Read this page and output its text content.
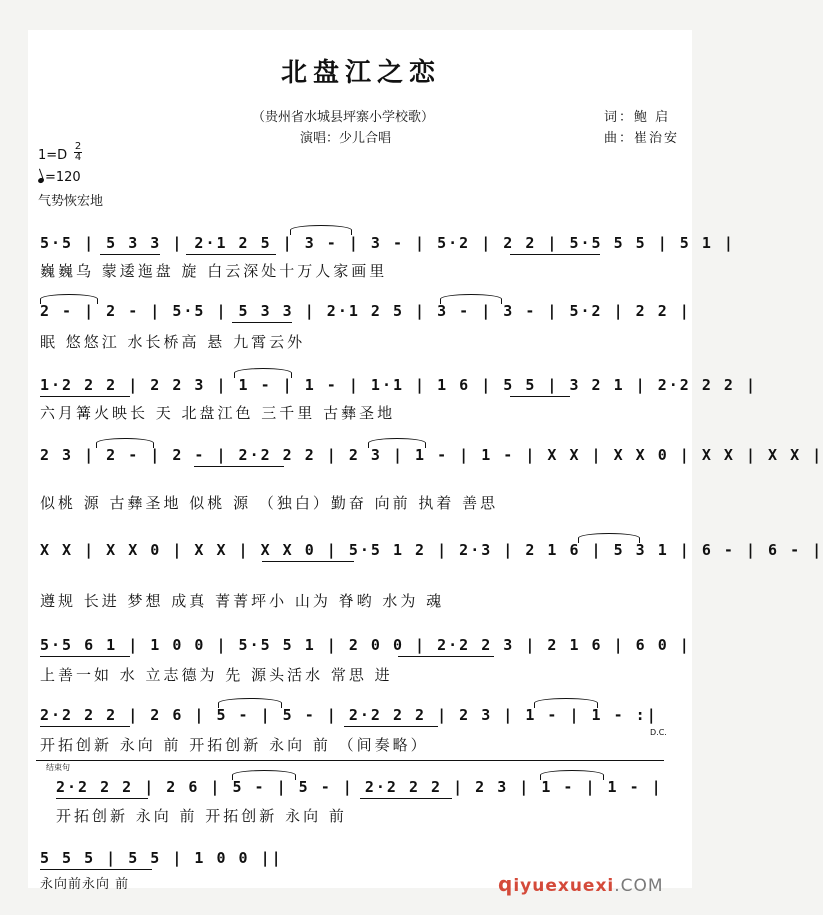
北盘江之恋
（贵州省水城县坪寨小学校歌）	词：鲍 启
演唱：少儿合唱	曲：崔治安
1=D
2
4
=120
气势恢宏地
5·5 | 5 3 3 | 2·1 2 5 | 3 - | 3 - | 5·2 | 2 2 | 5·5 5 5 | 5 1 |
巍巍乌 蒙逶迤盘 旋 白云深处十万人家画里
2 - | 2 - | 5·5 | 5 3 3 | 2·1 2 5 | 3 - | 3 - | 5·2 | 2 2 |
眠 悠悠江 水长桥高 悬 九霄云外
1·2 2 2 | 2 2 3 | 1 - | 1 - | 1·1 | 1 6 | 5 5 | 3 2 1 | 2·2 2 2 |
六月篝火映长 天 北盘江色 三千里 古彝圣地
2 3 | 2 - | 2 - | 2·2 2 2 | 2 3 | 1 - | 1 - | X X | X X 0 | X X | X X |
似桃 源 古彝圣地 似桃 源 （独白）勤奋 向前 执着 善思
X X | X X 0 | X X | X X 0 | 5·5 1 2 | 2·3 | 2 1 6 | 5 3 1 | 6 - | 6 - |
遵规 长进 梦想 成真 菁菁坪小 山为 脊哟 水为 魂
5·5 6 1 | 1 0 0 | 5·5 5 1 | 2 0 0 | 2·2 2 3 | 2 1 6 | 6 0 |
上善一如 水 立志德为 先 源头活水 常思 进
2·2 2 2 | 2 6 | 5 - | 5 - | 2·2 2 2 | 2 3 | 1 - | 1 - :|
开拓创新 永向 前 开拓创新 永向 前 （间奏略）
D.C.
结束句
2·2 2 2 | 2 6 | 5 - | 5 - | 2·2 2 2 | 2 3 | 1 - | 1 - |
开拓创新 永向 前 开拓创新 永向 前
5 5 5 | 5 5 | 1 0 0 ||
永向前永向 前	qiyuexuexi.COM
